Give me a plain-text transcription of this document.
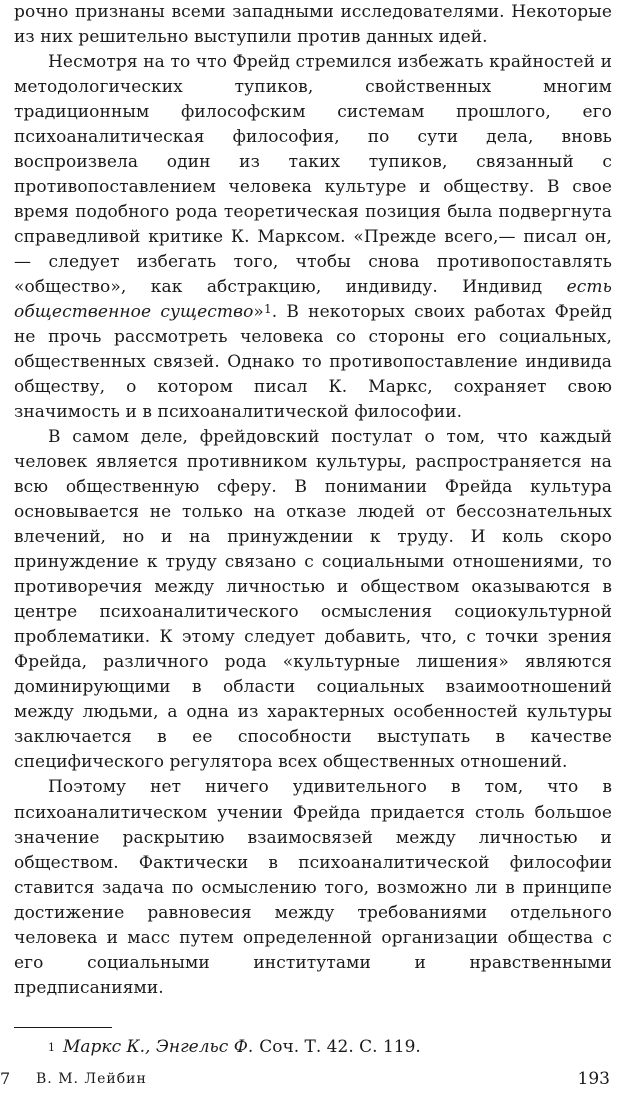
рочно признаны всеми западными исследователями. Некоторые из них решительно выступили против данных идей.

Несмотря на то что Фрейд стремился избежать крайностей и методологических тупиков, свойственных многим традиционным философским системам прошлого, его психоаналитическая философия, по сути дела, вновь воспроизвела один из таких тупиков, связанный с противопоставлением человека культуре и обществу. В свое время подобного рода теоретическая позиция была подвергнута справедливой критике К. Марксом. «Прежде всего,— писал он,— следует избегать того, чтобы снова противопоставлять «общество», как абстракцию, индивиду. Индивид есть общественное существо»$^1$. В некоторых своих работах Фрейд не прочь рассмотреть человека со стороны его социальных, общественных связей. Однако то противопоставление индивида обществу, о котором писал К. Маркс, сохраняет свою значимость и в психоаналитической философии.

В самом деле, фрейдовский постулат о том, что каждый человек является противником культуры, распространяется на всю общественную сферу. В понимании Фрейда культура основывается не только на отказе людей от бессознательных влечений, но и на принуждении к труду. И коль скоро принуждение к труду связано с социальными отношениями, то противоречия между личностью и обществом оказываются в центре психоаналитического осмысления социокультурной проблематики. К этому следует добавить, что, с точки зрения Фрейда, различного рода «культурные лишения» являются доминирующими в области социальных взаимоотношений между людьми, а одна из характерных особенностей культуры заключается в ее способности выступать в качестве специфического регулятора всех общественных отношений.

Поэтому нет ничего удивительного в том, что в психоаналитическом учении Фрейда придается столь большое значение раскрытию взаимосвязей между личностью и обществом. Фактически в психоаналитической философии ставится задача по осмыслению того, возможно ли в принципе достижение равновесия между требованиями отдельного человека и масс путем определенной организации общества с его социальными институтами и нравственными предписаниями.

$^1$ Маркс К., Энгельс Ф. Соч. Т. 42. С. 119.
7 В. М. Лейбин	193
